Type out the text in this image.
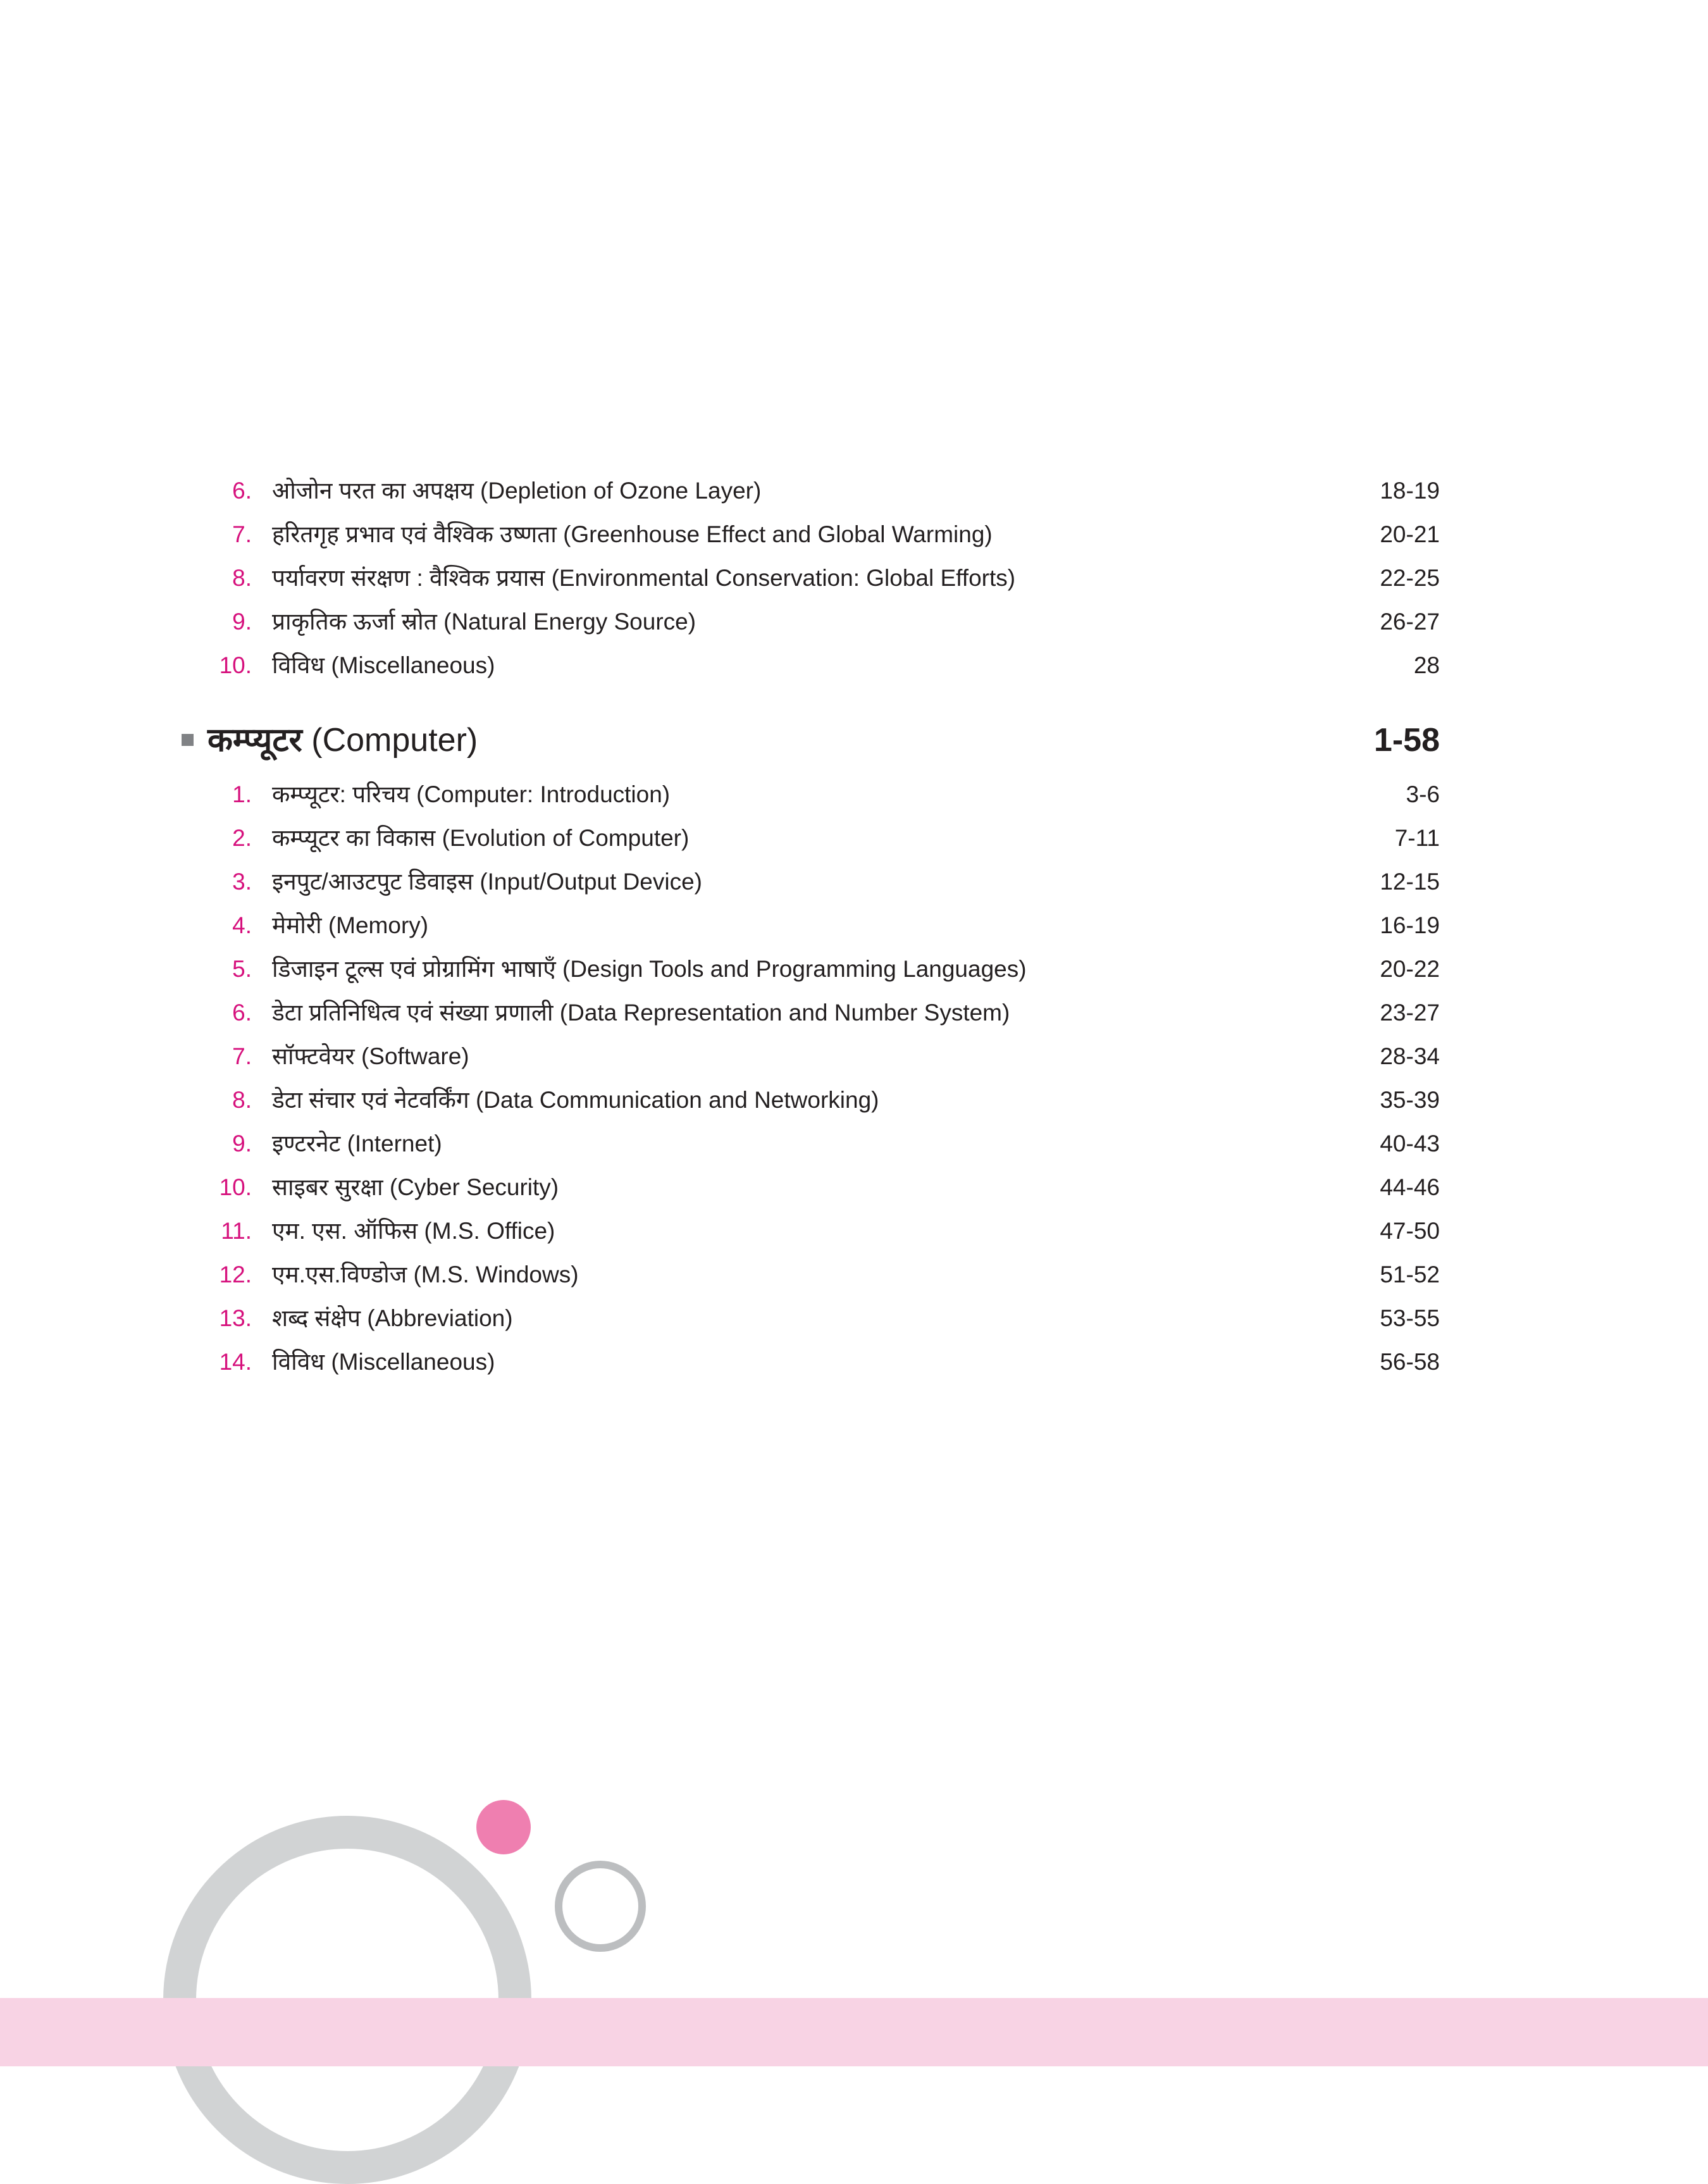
6. ओजोन परत का अपक्षय (Depletion of Ozone Layer)	18-19
7. हरितगृह प्रभाव एवं वैश्विक उष्णता (Greenhouse Effect and Global Warming)	20-21
8. पर्यावरण संरक्षण : वैश्विक प्रयास (Environmental Conservation: Global Efforts)	22-25
9. प्राकृतिक ऊर्जा स्रोत (Natural Energy Source)	26-27
10. विविध (Miscellaneous)	28
कम्प्यूटर (Computer)	1-58
1. कम्प्यूटर: परिचय (Computer: Introduction)	3-6
2. कम्प्यूटर का विकास (Evolution of Computer)	7-11
3. इनपुट/आउटपुट डिवाइस (Input/Output Device)	12-15
4. मेमोरी (Memory)	16-19
5. डिजाइन टूल्स एवं प्रोग्रामिंग भाषाएँ (Design Tools and Programming Languages)	20-22
6. डेटा प्रतिनिधित्व एवं संख्या प्रणाली (Data Representation and Number System)	23-27
7. सॉफ्टवेयर (Software)	28-34
8. डेटा संचार एवं नेटवर्किंग (Data Communication and Networking)	35-39
9. इण्टरनेट (Internet)	40-43
10. साइबर सुरक्षा (Cyber Security)	44-46
11. एम. एस. ऑफिस (M.S. Office)	47-50
12. एम.एस.विण्डोज (M.S. Windows)	51-52
13. शब्द संक्षेप (Abbreviation)	53-55
14. विविध (Miscellaneous)	56-58
